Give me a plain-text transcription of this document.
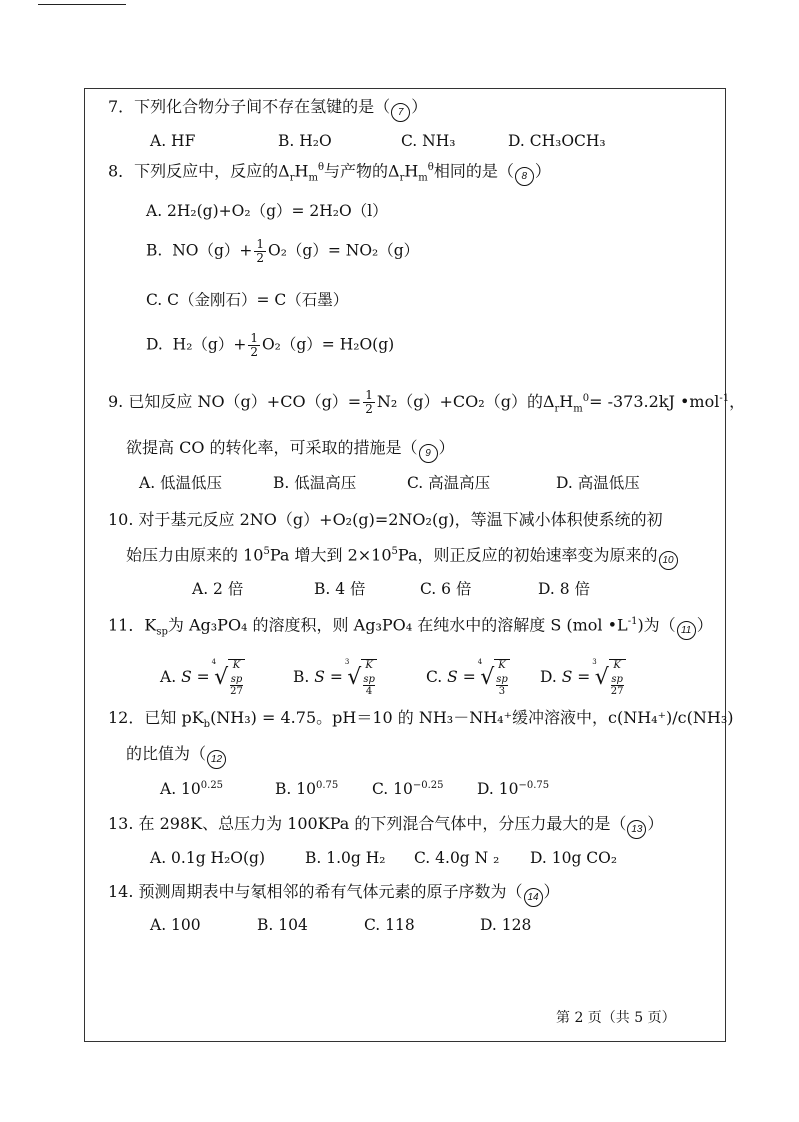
7．下列化合物分子间不存在氢键的是（ 7 ）
A. HF	B. H₂O	C. NH₃	D. CH₃OCH₃
8．下列反应中，反应的$\Delta_rH_m^\theta$与产物的$\Delta_rH_m^\theta$相同的是（ 8 ）
A. 2H₂(g)+O₂（g）= 2H₂O（l）
B. $NO(g)+ \frac{1}{2} O_2(g)= NO_2(g)$
C. C（金刚石）= C（石墨）
D. $H_2(g)+ \frac{1}{2} O_2(g)= H_2O(g)$
9. 已知反应 $NO(g)+CO(g)= \frac{1}{2} N_2(g)+CO_2(g)$的$\Delta_rH_m^0= -373.2kJ$ •mol$^{-1}$，
欲提高 CO 的转化率，可采取的措施是（ 9 ）
A. 低温低压	B. 低温高压	C. 高温高压	D. 高温低压
10. 对于基元反应 2NO（g）+O₂(g)=2NO₂(g)，等温下减小体积使系统的初
始压力由原来的 $10^5Pa$ 增大到 $2\times 10^5Pa$，则正反应的初始速率变为原来的 10
A. 2 倍	B. 4 倍	C. 6 倍	D. 8 倍
11．$K_{sp}$为 Ag₃PO₄ 的溶度积，则 Ag₃PO₄ 在纯水中的溶解度 S (mol $•L^{-1}$)为（ 11 ）
A. S =
4
√ K
$_{sp}$
27
B. S =
3
√ K
$_{sp}$
4
C. S =
4
√ K
$_{sp}$
3
D. S =
3
√ K
$_{sp}$
27
12．已知 $pK_b(NH_3) = 4.75$。pH＝10 的 NH₃－NH₄⁺缓冲溶液中，c(NH₄⁺)/c(NH₃)
的比值为（ 12
A. $10^{0.25}$	B. $10^{0.75}$ C. $10^{-0.25}$ D. $10^{-0.75}$
13. 在 298K、总压力为 100KPa 的下列混合气体中，分压力最大的是（ 13 ）
A. 0.1g H₂O(g)	B. 1.0g H₂ C. 4.0g N ₂ D. 10g CO₂
14. 预测周期表中与氡相邻的希有气体元素的原子序数为（ 14 ）
A. 100	B. 104	C. 118	D. 128
第 2 页（共 5 页）
